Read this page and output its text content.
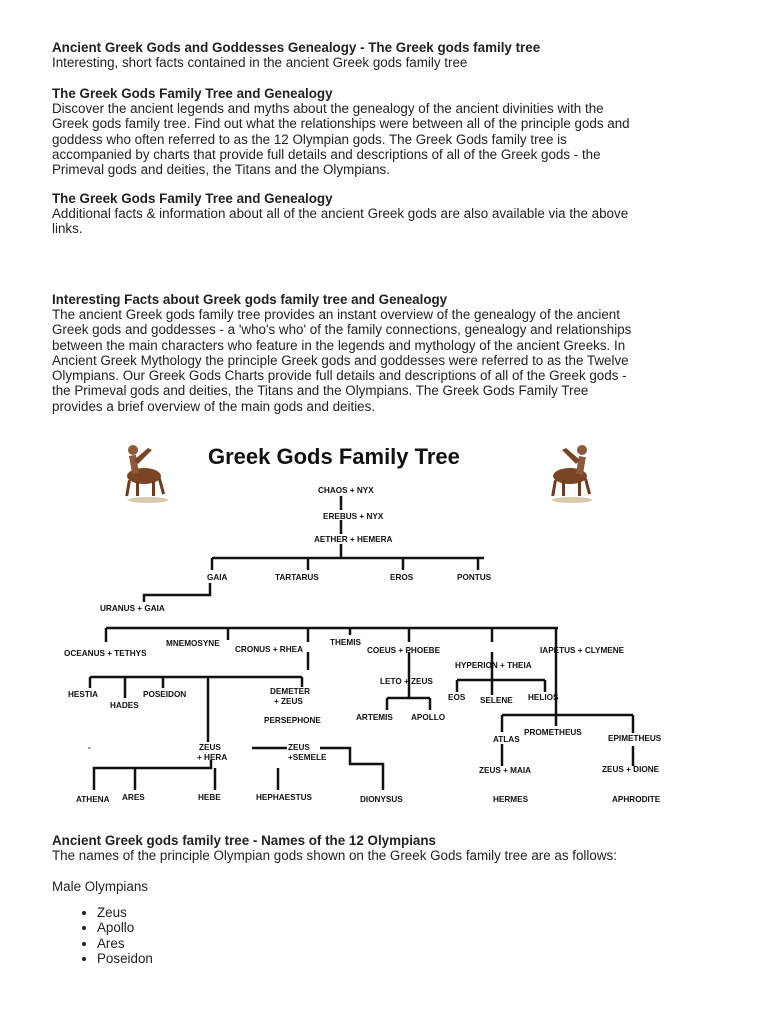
Ancient Greek Gods and Goddesses Genealogy - The Greek gods family tree
Interesting, short facts contained in the ancient Greek gods family tree
The Greek Gods Family Tree and Genealogy
Discover the ancient legends and myths about the genealogy of the ancient divinities with the
Greek gods family tree. Find out what the relationships were between all of the principle gods and
goddess who often referred to as the 12 Olympian gods. The Greek Gods family tree is
accompanied by charts that provide full details and descriptions of all of the Greek gods - the
Primeval gods and deities, the Titans and the Olympians.
The Greek Gods Family Tree and Genealogy
Additional facts & information about all of the ancient Greek gods are also available via the above
links.
Interesting Facts about Greek gods family tree and Genealogy
The ancient Greek gods family tree provides an instant overview of the genealogy of the ancient
Greek gods and goddesses - a 'who's who' of the family connections, genealogy and relationships
between the main characters who feature in the legends and mythology of the ancient Greeks. In
Ancient Greek Mythology the principle Greek gods and goddesses were referred to as the Twelve
Olympians. Our Greek Gods Charts provide full details and descriptions of all of the Greek gods -
the Primeval gods and deities, the Titans and the Olympians. The Greek Gods Family Tree
provides a brief overview of the main gods and deities.
Greek Gods Family Tree
CHAOS + NYX
EREBUS + NYX
AETHER + HEMERA
GAIA	TARTARUS	EROS	PONTUS
URANUS + GAIA
OCEANUS + TETHYS
MNEMOSYNE
CRONUS + RHEA
THEMIS
COEUS + PHOEBE
HYPERION + THEIA
IAPETUS + CLYMENE
HESTIA
HADES
POSEIDON	DEMETER
+ ZEUS
PERSEPHONE
LETO + ZEUS
ARTEMIS APOLLO
EOS SELENE HELIOS
ATLAS
PROMETHEUS
EPIMETHEUS
ZEUS + MAIA	ZEUS + DIONE
HERMES	APHRODITE
-	ZEUS
+ HERA
ZEUS
+SEMELE
ATHENA ARES	HEBE	HEPHAESTUS	DIONYSUS
Ancient Greek gods family tree - Names of the 12 Olympians
The names of the principle Olympian gods shown on the Greek Gods family tree are as follows:
Male Olympians
• Zeus
• Apollo
• Ares
• Poseidon
